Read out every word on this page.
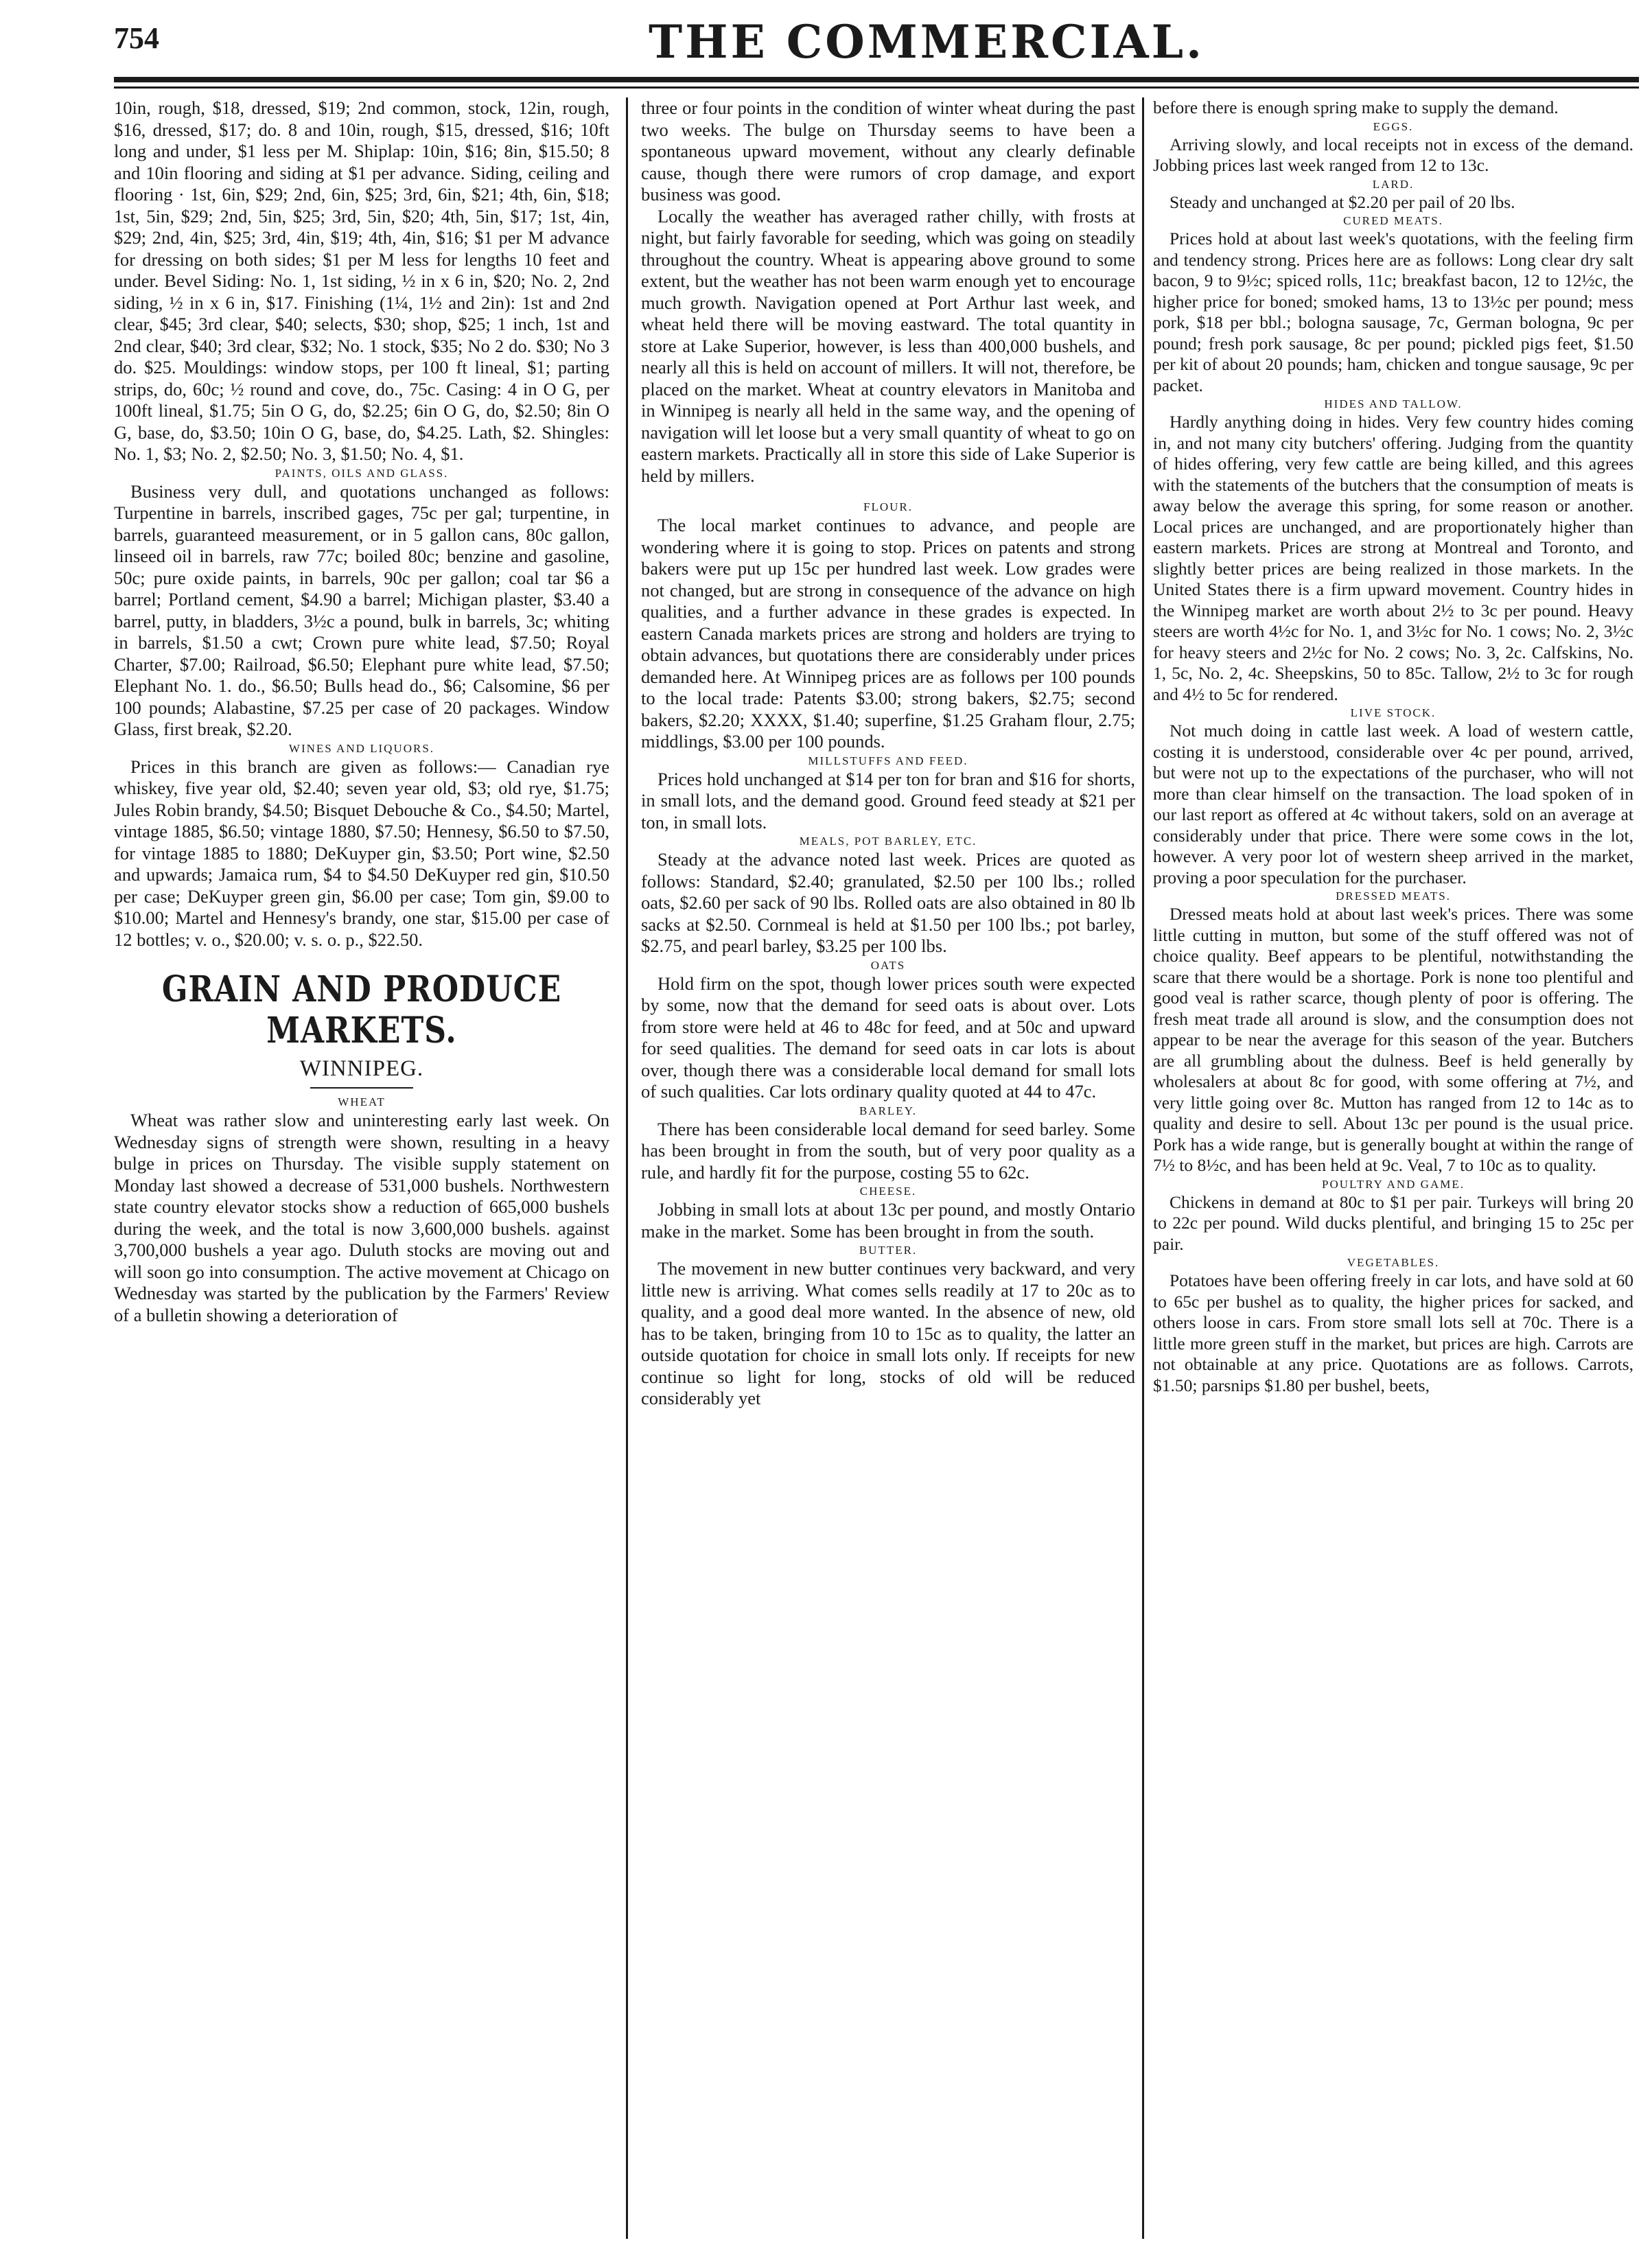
754	THE COMMERCIAL.

10in, rough, $18, dressed, $19; 2nd common, stock, 12in, rough, $16, dressed, $17; do. 8 and 10in, rough, $15, dressed, $16; 10ft long and under, $1 less per M. Shiplap: 10in, $16; 8in, $15.50; 8 and 10in flooring and siding at $1 per advance. Siding, ceiling and flooring · 1st, 6in, $29; 2nd, 6in, $25; 3rd, 6in, $21; 4th, 6in, $18; 1st, 5in, $29; 2nd, 5in, $25; 3rd, 5in, $20; 4th, 5in, $17; 1st, 4in, $29; 2nd, 4in, $25; 3rd, 4in, $19; 4th, 4in, $16; $1 per M advance for dressing on both sides; $1 per M less for lengths 10 feet and under. Bevel Siding: No. 1, 1st siding, ½ in x 6 in, $20; No. 2, 2nd siding, ½ in x 6 in, $17. Finishing (1¼, 1½ and 2in): 1st and 2nd clear, $45; 3rd clear, $40; selects, $30; shop, $25; 1 inch, 1st and 2nd clear, $40; 3rd clear, $32; No. 1 stock, $35; No 2 do. $30; No 3 do. $25. Mouldings: window stops, per 100 ft lineal, $1; parting strips, do, 60c; ½ round and cove, do., 75c. Casing: 4 in O G, per 100ft lineal, $1.75; 5in O G, do, $2.25; 6in O G, do, $2.50; 8in O G, base, do, $3.50; 10in O G, base, do, $4.25. Lath, $2. Shingles: No. 1, $3; No. 2, $2.50; No. 3, $1.50; No. 4, $1.

PAINTS, OILS AND GLASS.

Business very dull, and quotations unchanged as follows: Turpentine in barrels, inscribed gages, 75c per gal; turpentine, in barrels, guaranteed measurement, or in 5 gallon cans, 80c gallon, linseed oil in barrels, raw 77c; boiled 80c; benzine and gasoline, 50c; pure oxide paints, in barrels, 90c per gallon; coal tar $6 a barrel; Portland cement, $4.90 a barrel; Michigan plaster, $3.40 a barrel, putty, in bladders, 3½c a pound, bulk in barrels, 3c; whiting in barrels, $1.50 a cwt; Crown pure white lead, $7.50; Royal Charter, $7.00; Railroad, $6.50; Elephant pure white lead, $7.50; Elephant No. 1. do., $6.50; Bulls head do., $6; Calsomine, $6 per 100 pounds; Alabastine, $7.25 per case of 20 packages. Window Glass, first break, $2.20.

WINES AND LIQUORS.

Prices in this branch are given as follows:— Canadian rye whiskey, five year old, $2.40; seven year old, $3; old rye, $1.75; Jules Robin brandy, $4.50; Bisquet Debouche & Co., $4.50; Martel, vintage 1885, $6.50; vintage 1880, $7.50; Hennesy, $6.50 to $7.50, for vintage 1885 to 1880; DeKuyper gin, $3.50; Port wine, $2.50 and upwards; Jamaica rum, $4 to $4.50 DeKuyper red gin, $10.50 per case; DeKuyper green gin, $6.00 per case; Tom gin, $9.00 to $10.00; Martel and Hennesy's brandy, one star, $15.00 per case of 12 bottles; v. o., $20.00; v. s. o. p., $22.50.

GRAIN AND PRODUCE MARKETS.
WINNIPEG.
WHEAT

Wheat was rather slow and uninteresting early last week. On Wednesday signs of strength were shown, resulting in a heavy bulge in prices on Thursday. The visible supply statement on Monday last showed a decrease of 531,000 bushels. Northwestern state country elevator stocks show a reduction of 665,000 bushels during the week, and the total is now 3,600,000 bushels. against 3,700,000 bushels a year ago. Duluth stocks are moving out and will soon go into consumption. The active movement at Chicago on Wednesday was started by the publication by the Farmers' Review of a bulletin showing a deterioration of

three or four points in the condition of winter wheat during the past two weeks. The bulge on Thursday seems to have been a spontaneous upward movement, without any clearly definable cause, though there were rumors of crop damage, and export business was good.

Locally the weather has averaged rather chilly, with frosts at night, but fairly favorable for seeding, which was going on steadily throughout the country. Wheat is appearing above ground to some extent, but the weather has not been warm enough yet to encourage much growth. Navigation opened at Port Arthur last week, and wheat held there will be moving eastward. The total quantity in store at Lake Superior, however, is less than 400,000 bushels, and nearly all this is held on account of millers. It will not, therefore, be placed on the market. Wheat at country elevators in Manitoba and in Winnipeg is nearly all held in the same way, and the opening of navigation will let loose but a very small quantity of wheat to go on eastern markets. Practically all in store this side of Lake Superior is held by millers.

FLOUR.

The local market continues to advance, and people are wondering where it is going to stop. Prices on patents and strong bakers were put up 15c per hundred last week. Low grades were not changed, but are strong in consequence of the advance on high qualities, and a further advance in these grades is expected. In eastern Canada markets prices are strong and holders are trying to obtain advances, but quotations there are considerably under prices demanded here. At Winnipeg prices are as follows per 100 pounds to the local trade: Patents $3.00; strong bakers, $2.75; second bakers, $2.20; XXXX, $1.40; superfine, $1.25 Graham flour, 2.75; middlings, $3.00 per 100 pounds.

MILLSTUFFS AND FEED.

Prices hold unchanged at $14 per ton for bran and $16 for shorts, in small lots, and the demand good. Ground feed steady at $21 per ton, in small lots.

MEALS, POT BARLEY, ETC.

Steady at the advance noted last week. Prices are quoted as follows: Standard, $2.40; granulated, $2.50 per 100 lbs.; rolled oats, $2.60 per sack of 90 lbs. Rolled oats are also obtained in 80 lb sacks at $2.50. Cornmeal is held at $1.50 per 100 lbs.; pot barley, $2.75, and pearl barley, $3.25 per 100 lbs.

OATS

Hold firm on the spot, though lower prices south were expected by some, now that the demand for seed oats is about over. Lots from store were held at 46 to 48c for feed, and at 50c and upward for seed qualities. The demand for seed oats in car lots is about over, though there was a considerable local demand for small lots of such qualities. Car lots ordinary quality quoted at 44 to 47c.

BARLEY.

There has been considerable local demand for seed barley. Some has been brought in from the south, but of very poor quality as a rule, and hardly fit for the purpose, costing 55 to 62c.

CHEESE.

Jobbing in small lots at about 13c per pound, and mostly Ontario make in the market. Some has been brought in from the south.

BUTTER.

The movement in new butter continues very backward, and very little new is arriving. What comes sells readily at 17 to 20c as to quality, and a good deal more wanted. In the absence of new, old has to be taken, bringing from 10 to 15c as to quality, the latter an outside quotation for choice in small lots only. If receipts for new continue so light for long, stocks of old will be reduced considerably yet

before there is enough spring make to supply the demand.

EGGS.

Arriving slowly, and local receipts not in excess of the demand. Jobbing prices last week ranged from 12 to 13c.

LARD.

Steady and unchanged at $2.20 per pail of 20 lbs.

CURED MEATS.

Prices hold at about last week's quotations, with the feeling firm and tendency strong. Prices here are as follows: Long clear dry salt bacon, 9 to 9½c; spiced rolls, 11c; breakfast bacon, 12 to 12½c, the higher price for boned; smoked hams, 13 to 13½c per pound; mess pork, $18 per bbl.; bologna sausage, 7c, German bologna, 9c per pound; fresh pork sausage, 8c per pound; pickled pigs feet, $1.50 per kit of about 20 pounds; ham, chicken and tongue sausage, 9c per packet.

HIDES AND TALLOW.

Hardly anything doing in hides. Very few country hides coming in, and not many city butchers' offering. Judging from the quantity of hides offering, very few cattle are being killed, and this agrees with the statements of the butchers that the consumption of meats is away below the average this spring, for some reason or another. Local prices are unchanged, and are proportionately higher than eastern markets. Prices are strong at Montreal and Toronto, and slightly better prices are being realized in those markets. In the United States there is a firm upward movement. Country hides in the Winnipeg market are worth about 2½ to 3c per pound. Heavy steers are worth 4½c for No. 1, and 3½c for No. 1 cows; No. 2, 3½c for heavy steers and 2½c for No. 2 cows; No. 3, 2c. Calfskins, No. 1, 5c, No. 2, 4c. Sheepskins, 50 to 85c. Tallow, 2½ to 3c for rough and 4½ to 5c for rendered.

LIVE STOCK.

Not much doing in cattle last week. A load of western cattle, costing it is understood, considerable over 4c per pound, arrived, but were not up to the expectations of the purchaser, who will not more than clear himself on the transaction. The load spoken of in our last report as offered at 4c without takers, sold on an average at considerably under that price. There were some cows in the lot, however. A very poor lot of western sheep arrived in the market, proving a poor speculation for the purchaser.

DRESSED MEATS.

Dressed meats hold at about last week's prices. There was some little cutting in mutton, but some of the stuff offered was not of choice quality. Beef appears to be plentiful, notwithstanding the scare that there would be a shortage. Pork is none too plentiful and good veal is rather scarce, though plenty of poor is offering. The fresh meat trade all around is slow, and the consumption does not appear to be near the average for this season of the year. Butchers are all grumbling about the dulness. Beef is held generally by wholesalers at about 8c for good, with some offering at 7½, and very little going over 8c. Mutton has ranged from 12 to 14c as to quality and desire to sell. About 13c per pound is the usual price. Pork has a wide range, but is generally bought at within the range of 7½ to 8½c, and has been held at 9c. Veal, 7 to 10c as to quality.

POULTRY AND GAME.

Chickens in demand at 80c to $1 per pair. Turkeys will bring 20 to 22c per pound. Wild ducks plentiful, and bringing 15 to 25c per pair.

VEGETABLES.

Potatoes have been offering freely in car lots, and have sold at 60 to 65c per bushel as to quality, the higher prices for sacked, and others loose in cars. From store small lots sell at 70c. There is a little more green stuff in the market, but prices are high. Carrots are not obtainable at any price. Quotations are as follows. Carrots, $1.50; parsnips $1.80 per bushel, beets,
